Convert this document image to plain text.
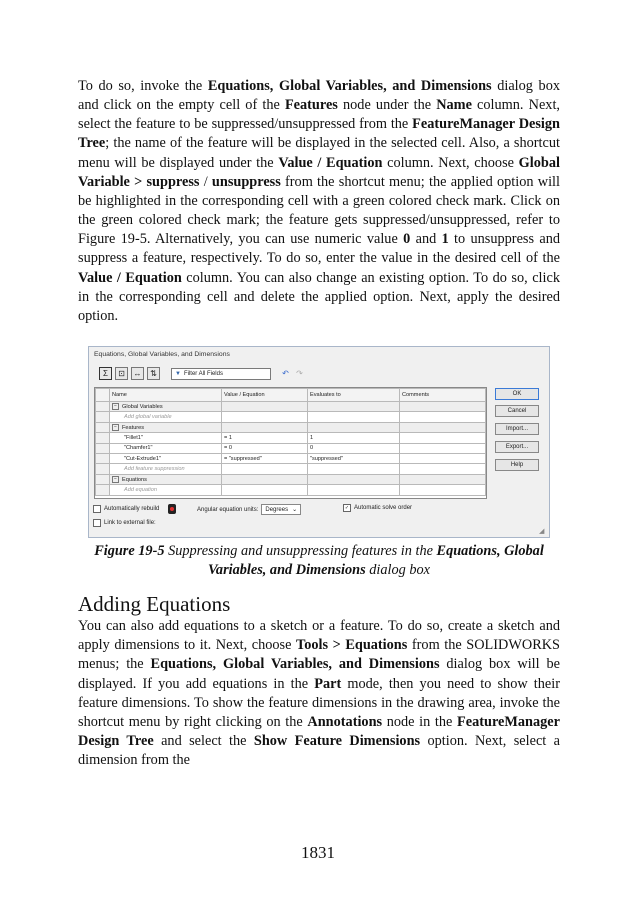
To do so, invoke the Equations, Global Variables, and Dimensions dialog box and click on the empty cell of the Features node under the Name column. Next, select the feature to be suppressed/unsuppressed from the FeatureManager Design Tree; the name of the feature will be displayed in the selected cell. Also, a shortcut menu will be displayed under the Value / Equation column. Next, choose Global Variable > suppress / unsuppress from the shortcut menu; the applied option will be highlighted in the corresponding cell with a green colored check mark. Click on the green colored check mark; the feature gets suppressed/unsuppressed, refer to Figure 19-5. Alternatively, you can use numeric value 0 and 1 to unsuppress and suppress a feature, respectively. To do so, enter the value in the desired cell of the Value / Equation column. You can also change an existing option. To do so, click in the corresponding cell and delete the applied option. Next, apply the desired option.

Equations, Global Variables, and Dimensions
Σ	⊡	↔	⇅	▼ Filter All Fields	↶ ↷
	Name	Value / Equation	Evaluates to	Comments
	− Global Variables			
	Add global variable			
	− Features			
	"Fillet1"	= 1	1	
	"Chamfer1"	= 0	0	
	"Cut-Extrude1"	= "suppressed"	"suppressed"	
	Add feature suppression			
	− Equations			
	Add equation			
OK
Cancel
Import...
Export...
Help
Automatically rebuild	Angular equation units: Degrees ⌄	✓ Automatic solve order
Link to external file:
◢
Figure 19-5 Suppressing and unsuppressing features in the Equations, Global Variables, and Dimensions dialog box
Adding Equations

You can also add equations to a sketch or a feature. To do so, create a sketch and apply dimensions to it. Next, choose Tools > Equations from the SOLIDWORKS menus; the Equations, Global Variables, and Dimensions dialog box will be displayed. If you add equations in the Part mode, then you need to show their feature dimensions. To show the feature dimensions in the drawing area, invoke the shortcut menu by right clicking on the Annotations node in the FeatureManager Design Tree and select the Show Feature Dimensions option. Next, select a dimension from the

1831
